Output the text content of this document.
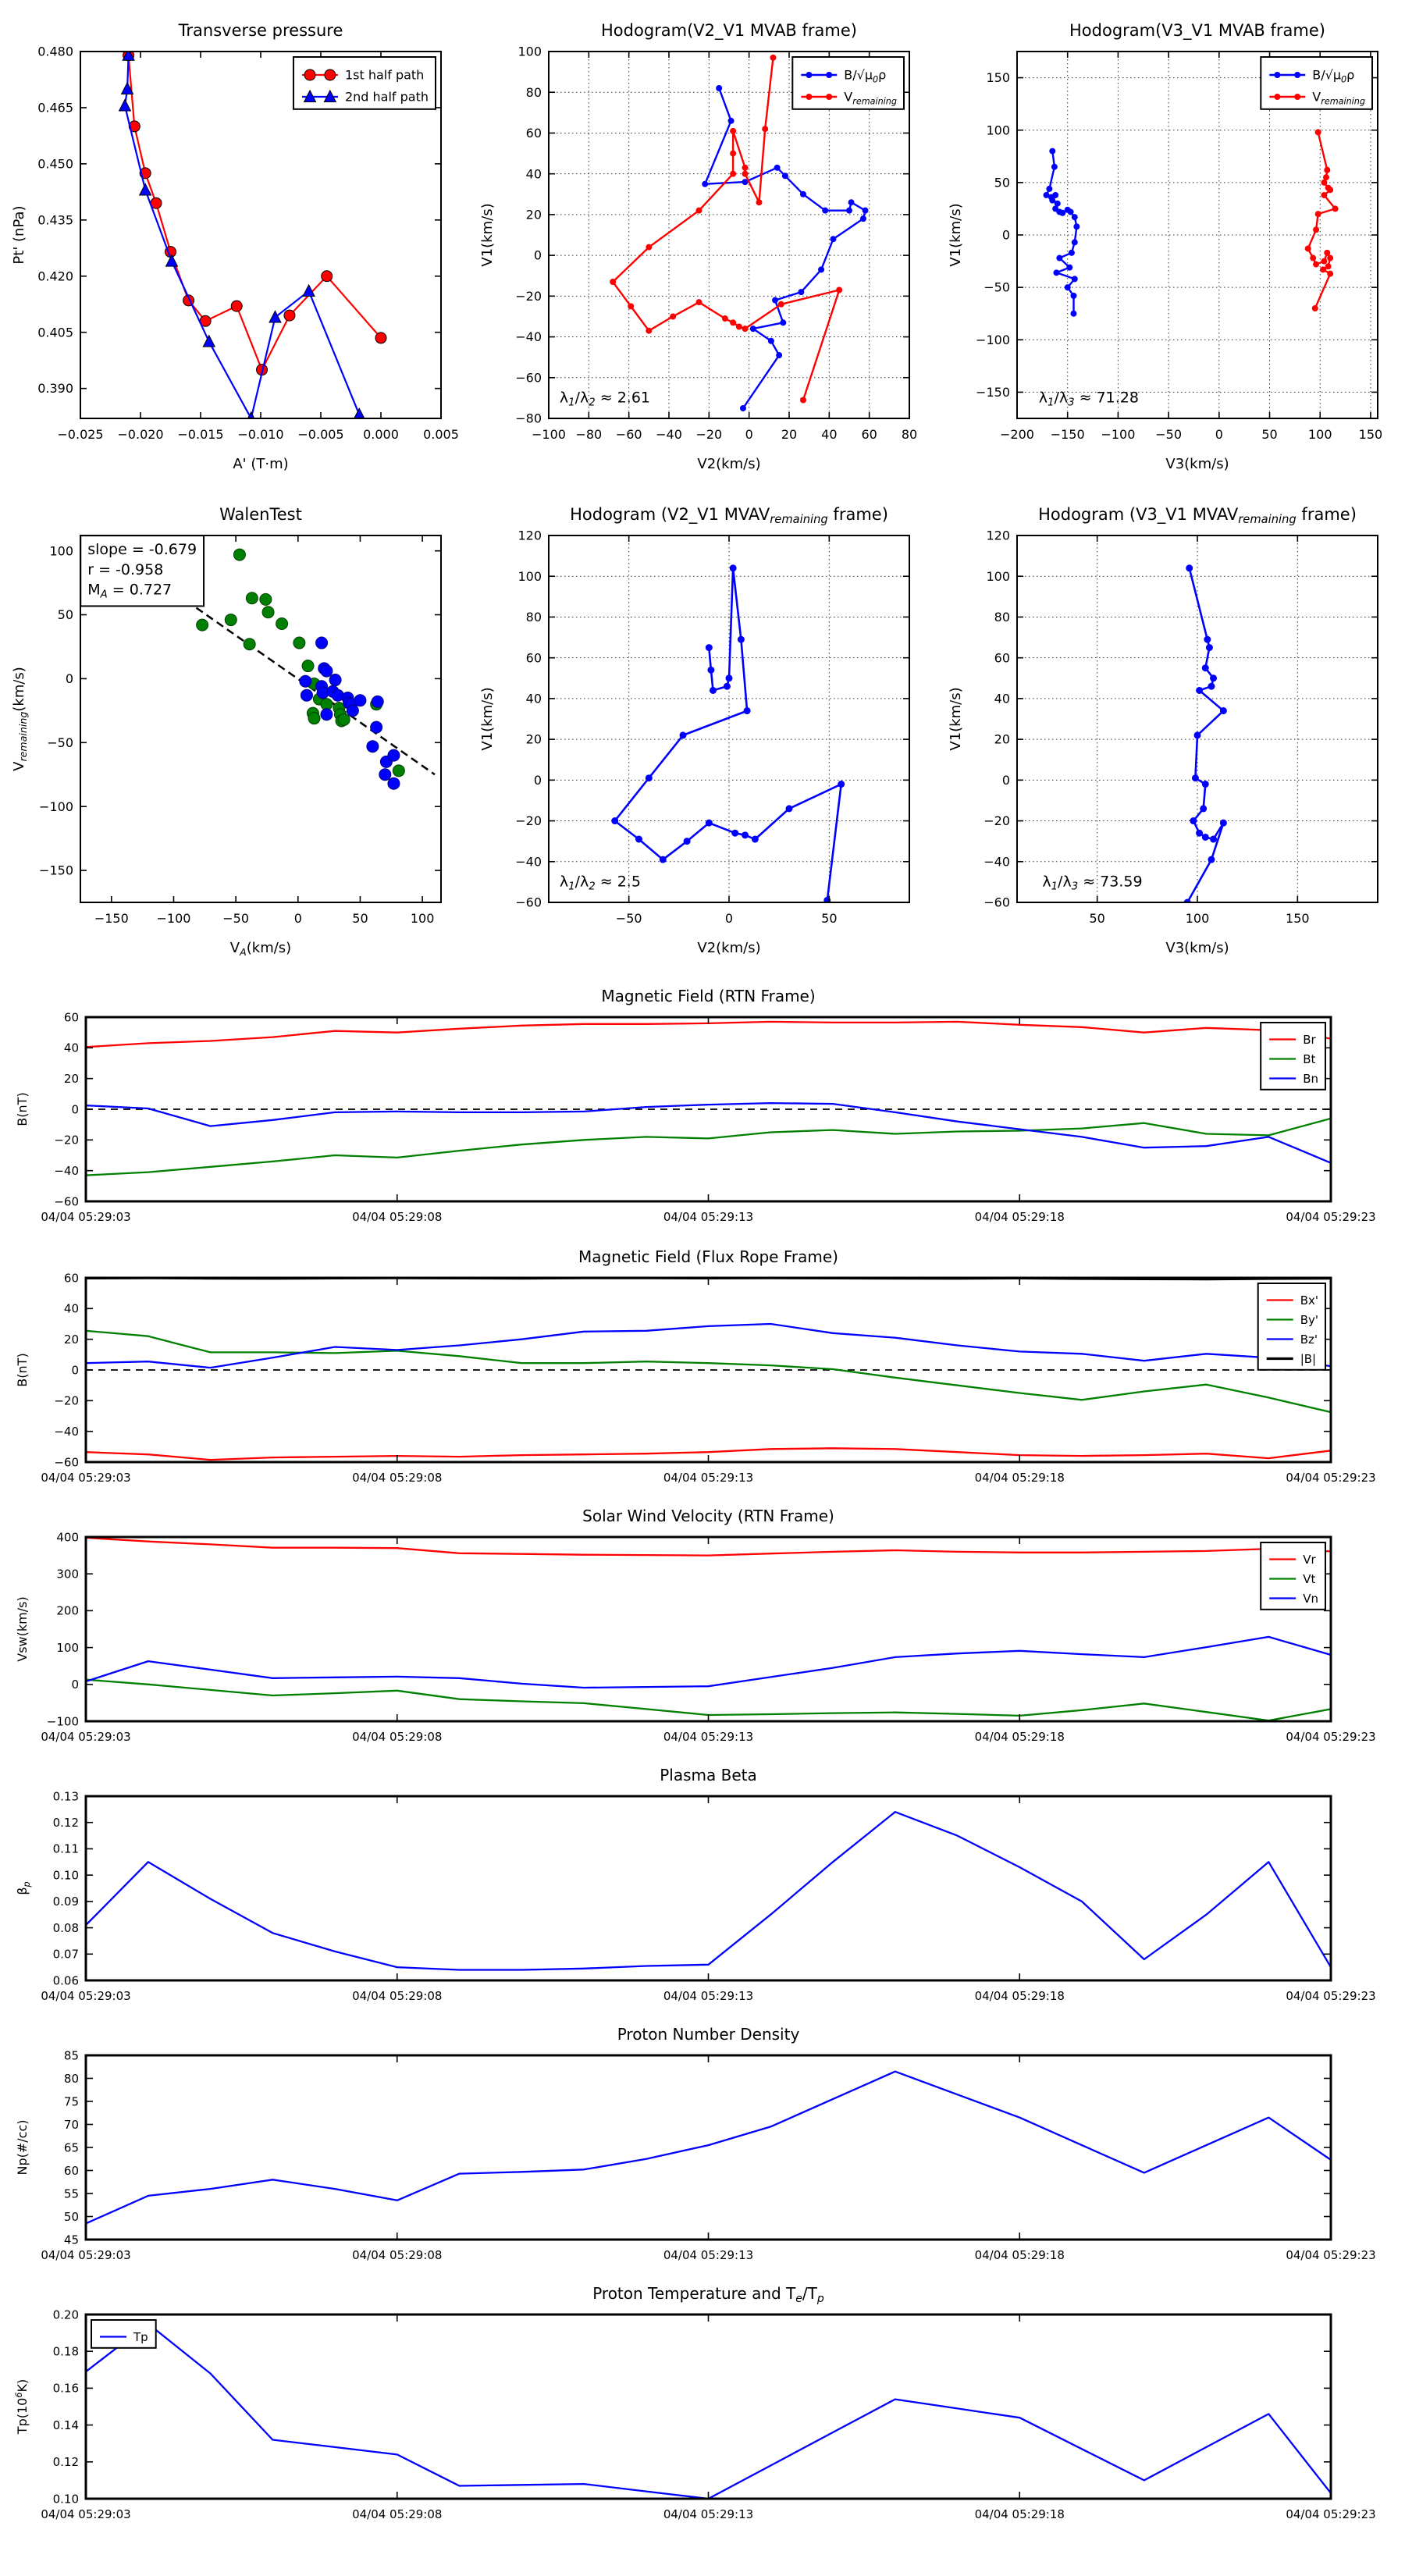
−0.025 −0.020 −0.015 −0.010 −0.005 0.000 0.005
0.390
0.405
0.420
0.435
0.450
0.465
0.480
Transverse pressure
A' (T·m)
Pt' (nPa)
1st half path
2nd half path
−100 −80 −60 −40 −20 0 20 40 60 80
−80
−60
−40
−20
0
20
40
60
80
100
Hodogram(V2_V1 MVAB frame)
V2(km/s)
V1(km/s)
$\lambda_1/\lambda_2 \approx 2.61$
$B/√\mu_0\rho$
$V_{remaining}$
−200 −150 −100 −50	0	50 100 150
−150
−100
−50
0
50
100
150
Hodogram(V3_V1 MVAB frame)
V3(km/s)
V1(km/s)
$\lambda_1/\lambda_3 \approx 71.28$
$B/√\mu_0\rho$
$V_{remaining}$
−150 −100	−50	0	50	100
−150
−100
−50
0
50
100
WalenTest
$V_A(km/s)$
$V_{remaining}(km/s)$
slope = -0.679
r = -0.958
$M_A = 0.727$
−50	0	50
−60
−40
−20
0
20
40
60
80
100
120
Hodogram (V2_V1 MVAVremaining frame)
V2(km/s)
V1(km/s)
$\lambda_1/\lambda_2 \approx 2.5$
50	100	150
−60
−40
−20
0
20
40
60
80
100
120
Hodogram (V3_V1 MVAVremaining frame)
V3(km/s)
V1(km/s)
$\lambda_1/\lambda_3 \approx 73.59$
04/04 05:29:03	04/04 05:29:08	04/04 05:29:13	04/04 05:29:18	04/04 05:29:23
−60
−40
−20
0
20
40
60
Magnetic Field (RTN Frame)
B(nT)
Br
Bt
Bn
04/04 05:29:03	04/04 05:29:08	04/04 05:29:13	04/04 05:29:18	04/04 05:29:23
−60
−40
−20
0
20
40
60
Magnetic Field (Flux Rope Frame)
B(nT)
Bx'
By'
Bz'
|B|
04/04 05:29:03	04/04 05:29:08	04/04 05:29:13	04/04 05:29:18	04/04 05:29:23
−100
0
100
200
300
400
Solar Wind Velocity (RTN Frame)
Vsw(km/s)
Vr
Vt
Vn
04/04 05:29:03	04/04 05:29:08	04/04 05:29:13	04/04 05:29:18	04/04 05:29:23
0.06
0.07
0.08
0.09
0.10
0.11
0.12
0.13
Plasma Beta
$\beta_p$
04/04 05:29:03	04/04 05:29:08	04/04 05:29:13	04/04 05:29:18	04/04 05:29:23
45
50
55
60
65
70
75
80
85
Proton Number Density
Np(#/cc)
04/04 05:29:03	04/04 05:29:08	04/04 05:29:13	04/04 05:29:18	04/04 05:29:23
0.10
0.12
0.14
0.16
0.18
0.20
Proton Temperature and $T_e/T_p$
$Tp(10^6K)$
Tp
